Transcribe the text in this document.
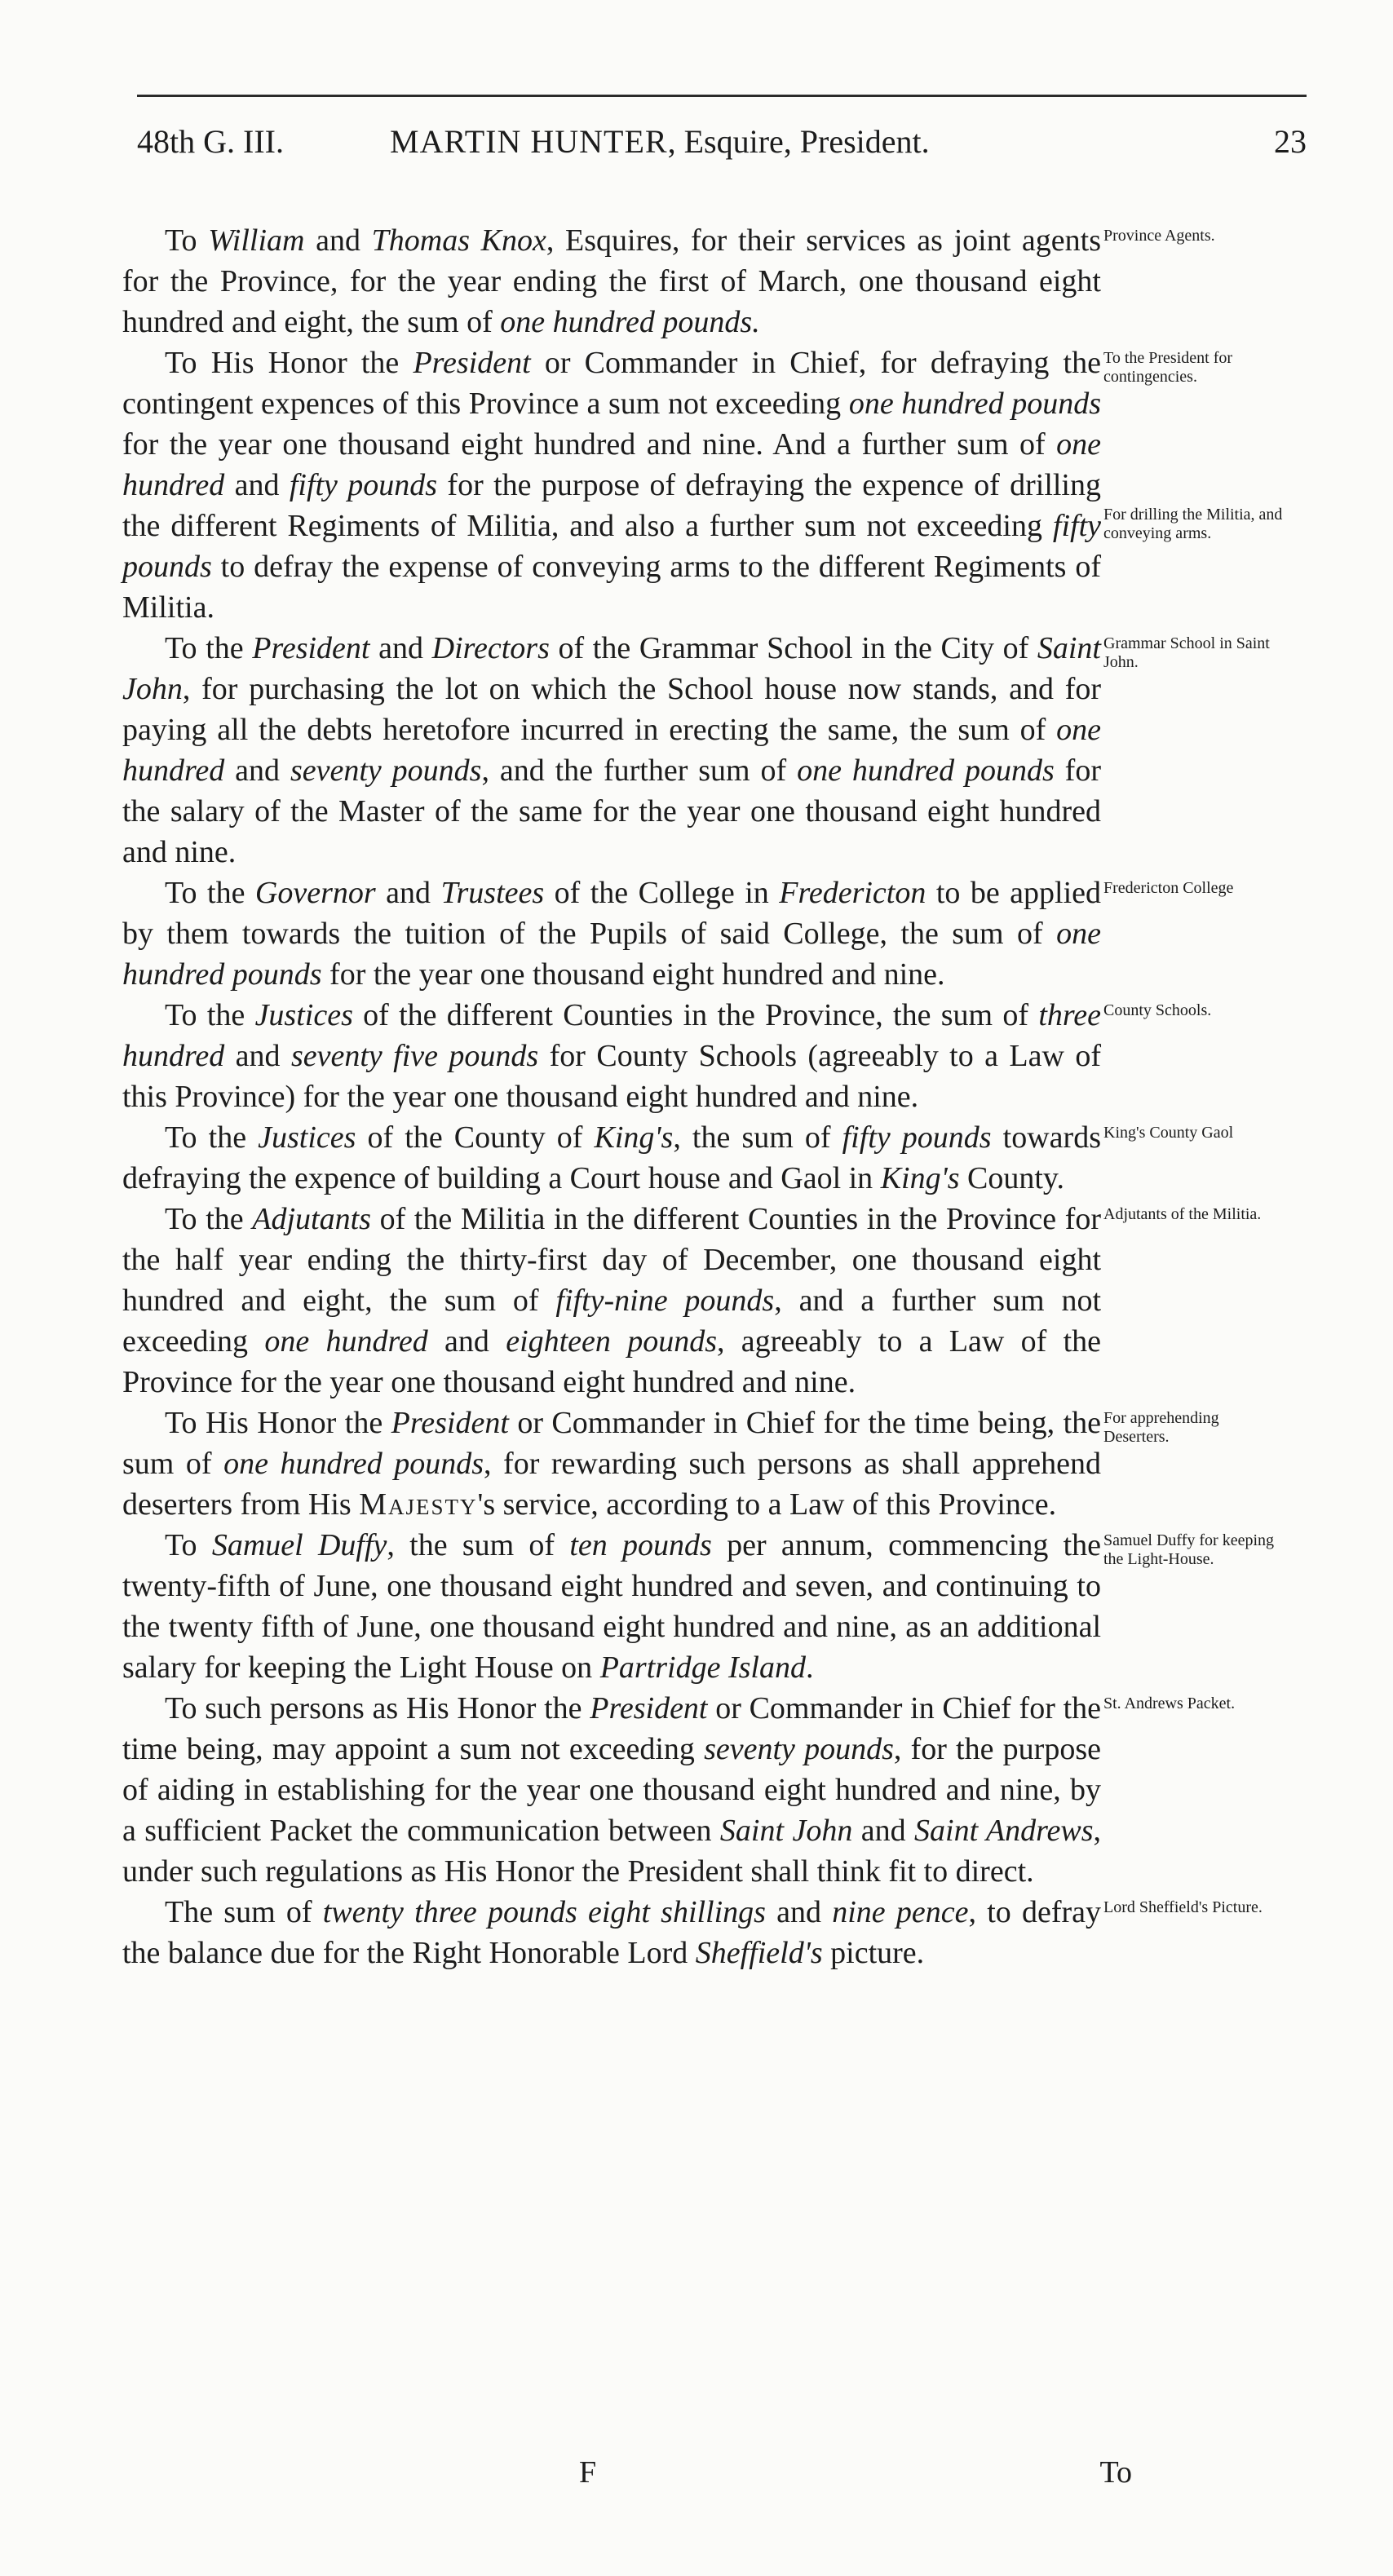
48th G. III.	MARTIN HUNTER, Esquire, President.	23

To William and Thomas Knox, Esquires, for their services as joint agents for the Province, for the year ending the first of March, one thousand eight hundred and eight, the sum of one hundred pounds.
Province Agents.

To His Honor the President or Commander in Chief, for defraying the contingent expences of this Province a sum not exceeding one hundred pounds for the year one thousand eight hundred and nine. And a further sum of one hundred and fifty pounds for the purpose of defraying the expence of drilling the different Regiments of Militia, and also a further sum not exceeding fifty pounds to defray the expense of conveying arms to the different Regiments of Militia.
To the President for contingencies.
For drilling the Militia, and conveying arms.

To the President and Directors of the Grammar School in the City of Saint John, for purchasing the lot on which the School house now stands, and for paying all the debts heretofore incurred in erecting the same, the sum of one hundred and seventy pounds, and the further sum of one hundred pounds for the salary of the Master of the same for the year one thousand eight hundred and nine.
Grammar School in Saint John.

To the Governor and Trustees of the College in Fredericton to be applied by them towards the tuition of the Pupils of said College, the sum of one hundred pounds for the year one thousand eight hundred and nine.
Fredericton College

To the Justices of the different Counties in the Province, the sum of three hundred and seventy five pounds for County Schools (agreeably to a Law of this Province) for the year one thousand eight hundred and nine.
County Schools.

To the Justices of the County of King's, the sum of fifty pounds towards defraying the expence of building a Court house and Gaol in King's County.
King's County Gaol

To the Adjutants of the Militia in the different Counties in the Province for the half year ending the thirty-first day of December, one thousand eight hundred and eight, the sum of fifty-nine pounds, and a further sum not exceeding one hundred and eighteen pounds, agreeably to a Law of the Province for the year one thousand eight hundred and nine.
Adjutants of the Militia.

To His Honor the President or Commander in Chief for the time being, the sum of one hundred pounds, for rewarding such persons as shall apprehend deserters from His Majesty's service, according to a Law of this Province.
For apprehending Deserters.

To Samuel Duffy, the sum of ten pounds per annum, commencing the twenty-fifth of June, one thousand eight hundred and seven, and continuing to the twenty fifth of June, one thousand eight hundred and nine, as an additional salary for keeping the Light House on Partridge Island.
Samuel Duffy for keeping the Light-House.

To such persons as His Honor the President or Commander in Chief for the time being, may appoint a sum not exceeding seventy pounds, for the purpose of aiding in establishing for the year one thousand eight hundred and nine, by a sufficient Packet the communication between Saint John and Saint Andrews, under such regulations as His Honor the President shall think fit to direct.
St. Andrews Packet.

The sum of twenty three pounds eight shillings and nine pence, to defray the balance due for the Right Honorable Lord Sheffield's picture.
Lord Sheffield's Picture.

F	To
